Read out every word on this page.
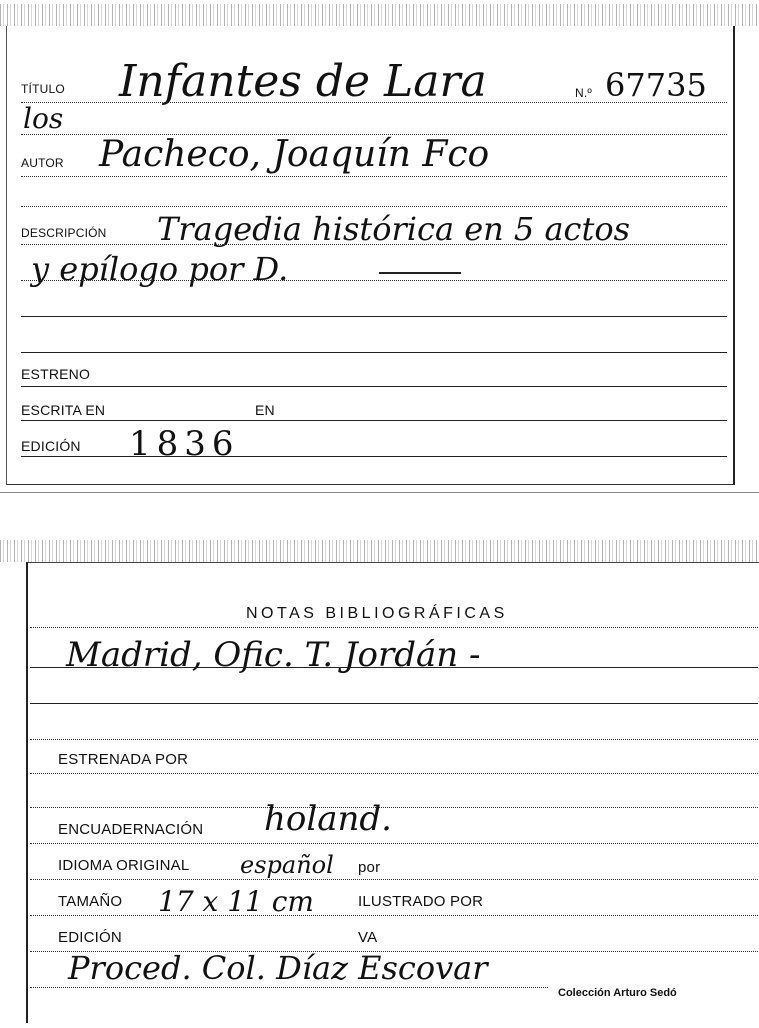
TÍTULO Infantes de Lara	N.º 67735
los
AUTOR Pacheco, Joaquín Fco
DESCRIPCIÓN Tragedia histórica en 5 actos
y epílogo por D.
ESTRENO
ESCRITA EN	EN
EDICIÓN 1836
NOTAS BIBLIOGRÁFICAS
Madrid, Ofic. T. Jordán -
ESTRENADA POR
ENCUADERNACIÓN holand.
IDIOMA ORIGINAL español por
TAMAÑO 17 x 11 cm	ILUSTRADO POR
EDICIÓN	VA
Proced. Col. Díaz Escovar
Colección Arturo Sedó
